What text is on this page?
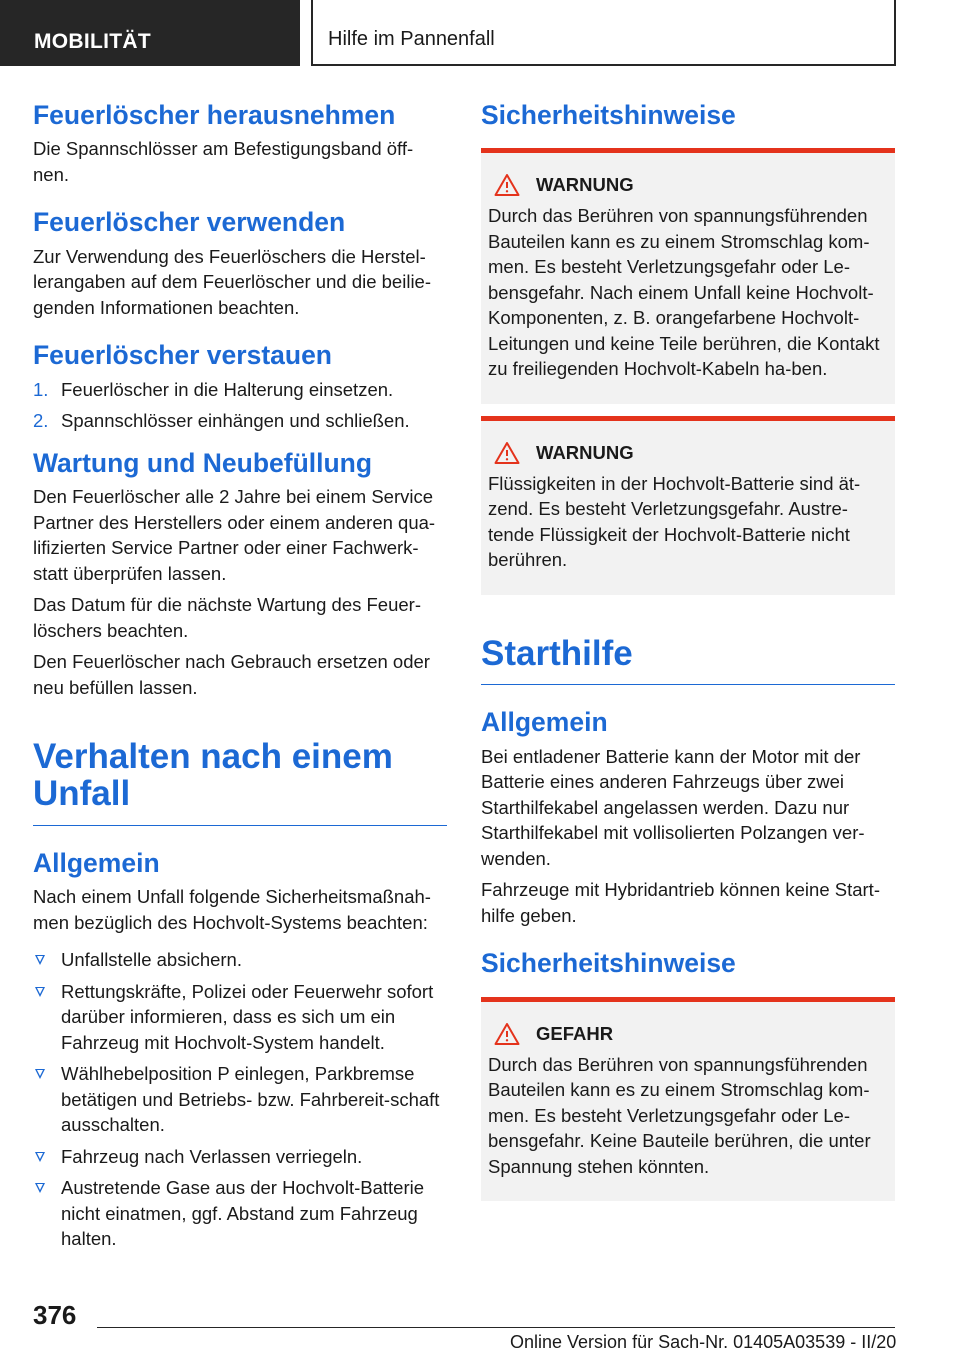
MOBILITÄT	Hilfe im Pannenfall
Feuerlöscher herausnehmen

Die Spannschlösser am Befestigungsband öff-nen.

Feuerlöscher verwenden

Zur Verwendung des Feuerlöschers die Herstel-lerangaben auf dem Feuerlöscher und die beilie-genden Informationen beachten.

Feuerlöscher verstauen
1. Feuerlöscher in die Halterung einsetzen.
2. Spannschlösser einhängen und schließen.
Wartung und Neubefüllung

Den Feuerlöscher alle 2 Jahre bei einem Service Partner des Herstellers oder einem anderen qua-lifizierten Service Partner oder einer Fachwerk-statt überprüfen lassen.

Das Datum für die nächste Wartung des Feuer-löschers beachten.

Den Feuerlöscher nach Gebrauch ersetzen oder neu befüllen lassen.

Verhalten nach einem Unfall
Allgemein

Nach einem Unfall folgende Sicherheitsmaßnah-men bezüglich des Hochvolt-Systems beachten:

Unfallstelle absichern.
Rettungskräfte, Polizei oder Feuerwehr sofort darüber informieren, dass es sich um ein Fahrzeug mit Hochvolt-System handelt.
Wählhebelposition P einlegen, Parkbremse betätigen und Betriebs- bzw. Fahrbereit-schaft ausschalten.
Fahrzeug nach Verlassen verriegeln.
Austretende Gase aus der Hochvolt-Batterie nicht einatmen, ggf. Abstand zum Fahrzeug halten.
Sicherheitshinweise
WARNUNG

Durch das Berühren von spannungsführenden Bauteilen kann es zu einem Stromschlag kom-men. Es besteht Verletzungsgefahr oder Le-bensgefahr. Nach einem Unfall keine Hochvolt-Komponenten, z. B. orangefarbene Hochvolt-Leitungen und keine Teile berühren, die Kontakt zu freiliegenden Hochvolt-Kabeln ha-ben.

WARNUNG

Flüssigkeiten in der Hochvolt-Batterie sind ät-zend. Es besteht Verletzungsgefahr. Austre-tende Flüssigkeit der Hochvolt-Batterie nicht berühren.

Starthilfe
Allgemein

Bei entladener Batterie kann der Motor mit der Batterie eines anderen Fahrzeugs über zwei Starthilfekabel angelassen werden. Dazu nur Starthilfekabel mit vollisolierten Polzangen ver-wenden.

Fahrzeuge mit Hybridantrieb können keine Start-hilfe geben.

Sicherheitshinweise
GEFAHR

Durch das Berühren von spannungsführenden Bauteilen kann es zu einem Stromschlag kom-men. Es besteht Verletzungsgefahr oder Le-bensgefahr. Keine Bauteile berühren, die unter Spannung stehen könnten.

376
Online Version für Sach-Nr. 01405A03539 - II/20
